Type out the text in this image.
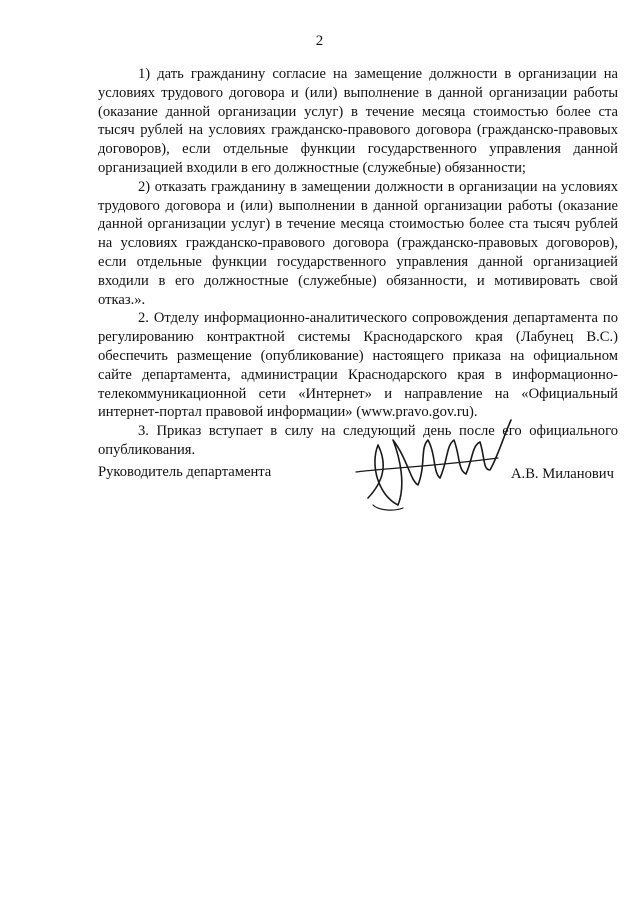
2

1) дать гражданину согласие на замещение должности в организации на условиях трудового договора и (или) выполнение в данной организации работы (оказание данной организации услуг) в течение месяца стоимостью более ста тысяч рублей на условиях гражданско-правового договора (гражданско-правовых договоров), если отдельные функции государственного управления данной организацией входили в его должностные (служебные) обязанности;

2) отказать гражданину в замещении должности в организации на условиях трудового договора и (или) выполнении в данной организации работы (оказание данной организации услуг) в течение месяца стоимостью более ста тысяч рублей на условиях гражданско-правового договора (гражданско-правовых договоров), если отдельные функции государственного управления данной организацией входили в его должностные (служебные) обязанности, и мотивировать свой отказ.».

2. Отделу информационно-аналитического сопровождения департамента по регулированию контрактной системы Краснодарского края (Лабунец В.С.) обеспечить размещение (опубликование) настоящего приказа на официальном сайте департамента, администрации Краснодарского края в информационно-телекоммуникационной сети «Интернет» и направление на «Официальный интернет-портал правовой информации» (www.pravo.gov.ru).

3. Приказ вступает в силу на следующий день после его официального опубликования.

Руководитель департамента	А.В. Миланович
